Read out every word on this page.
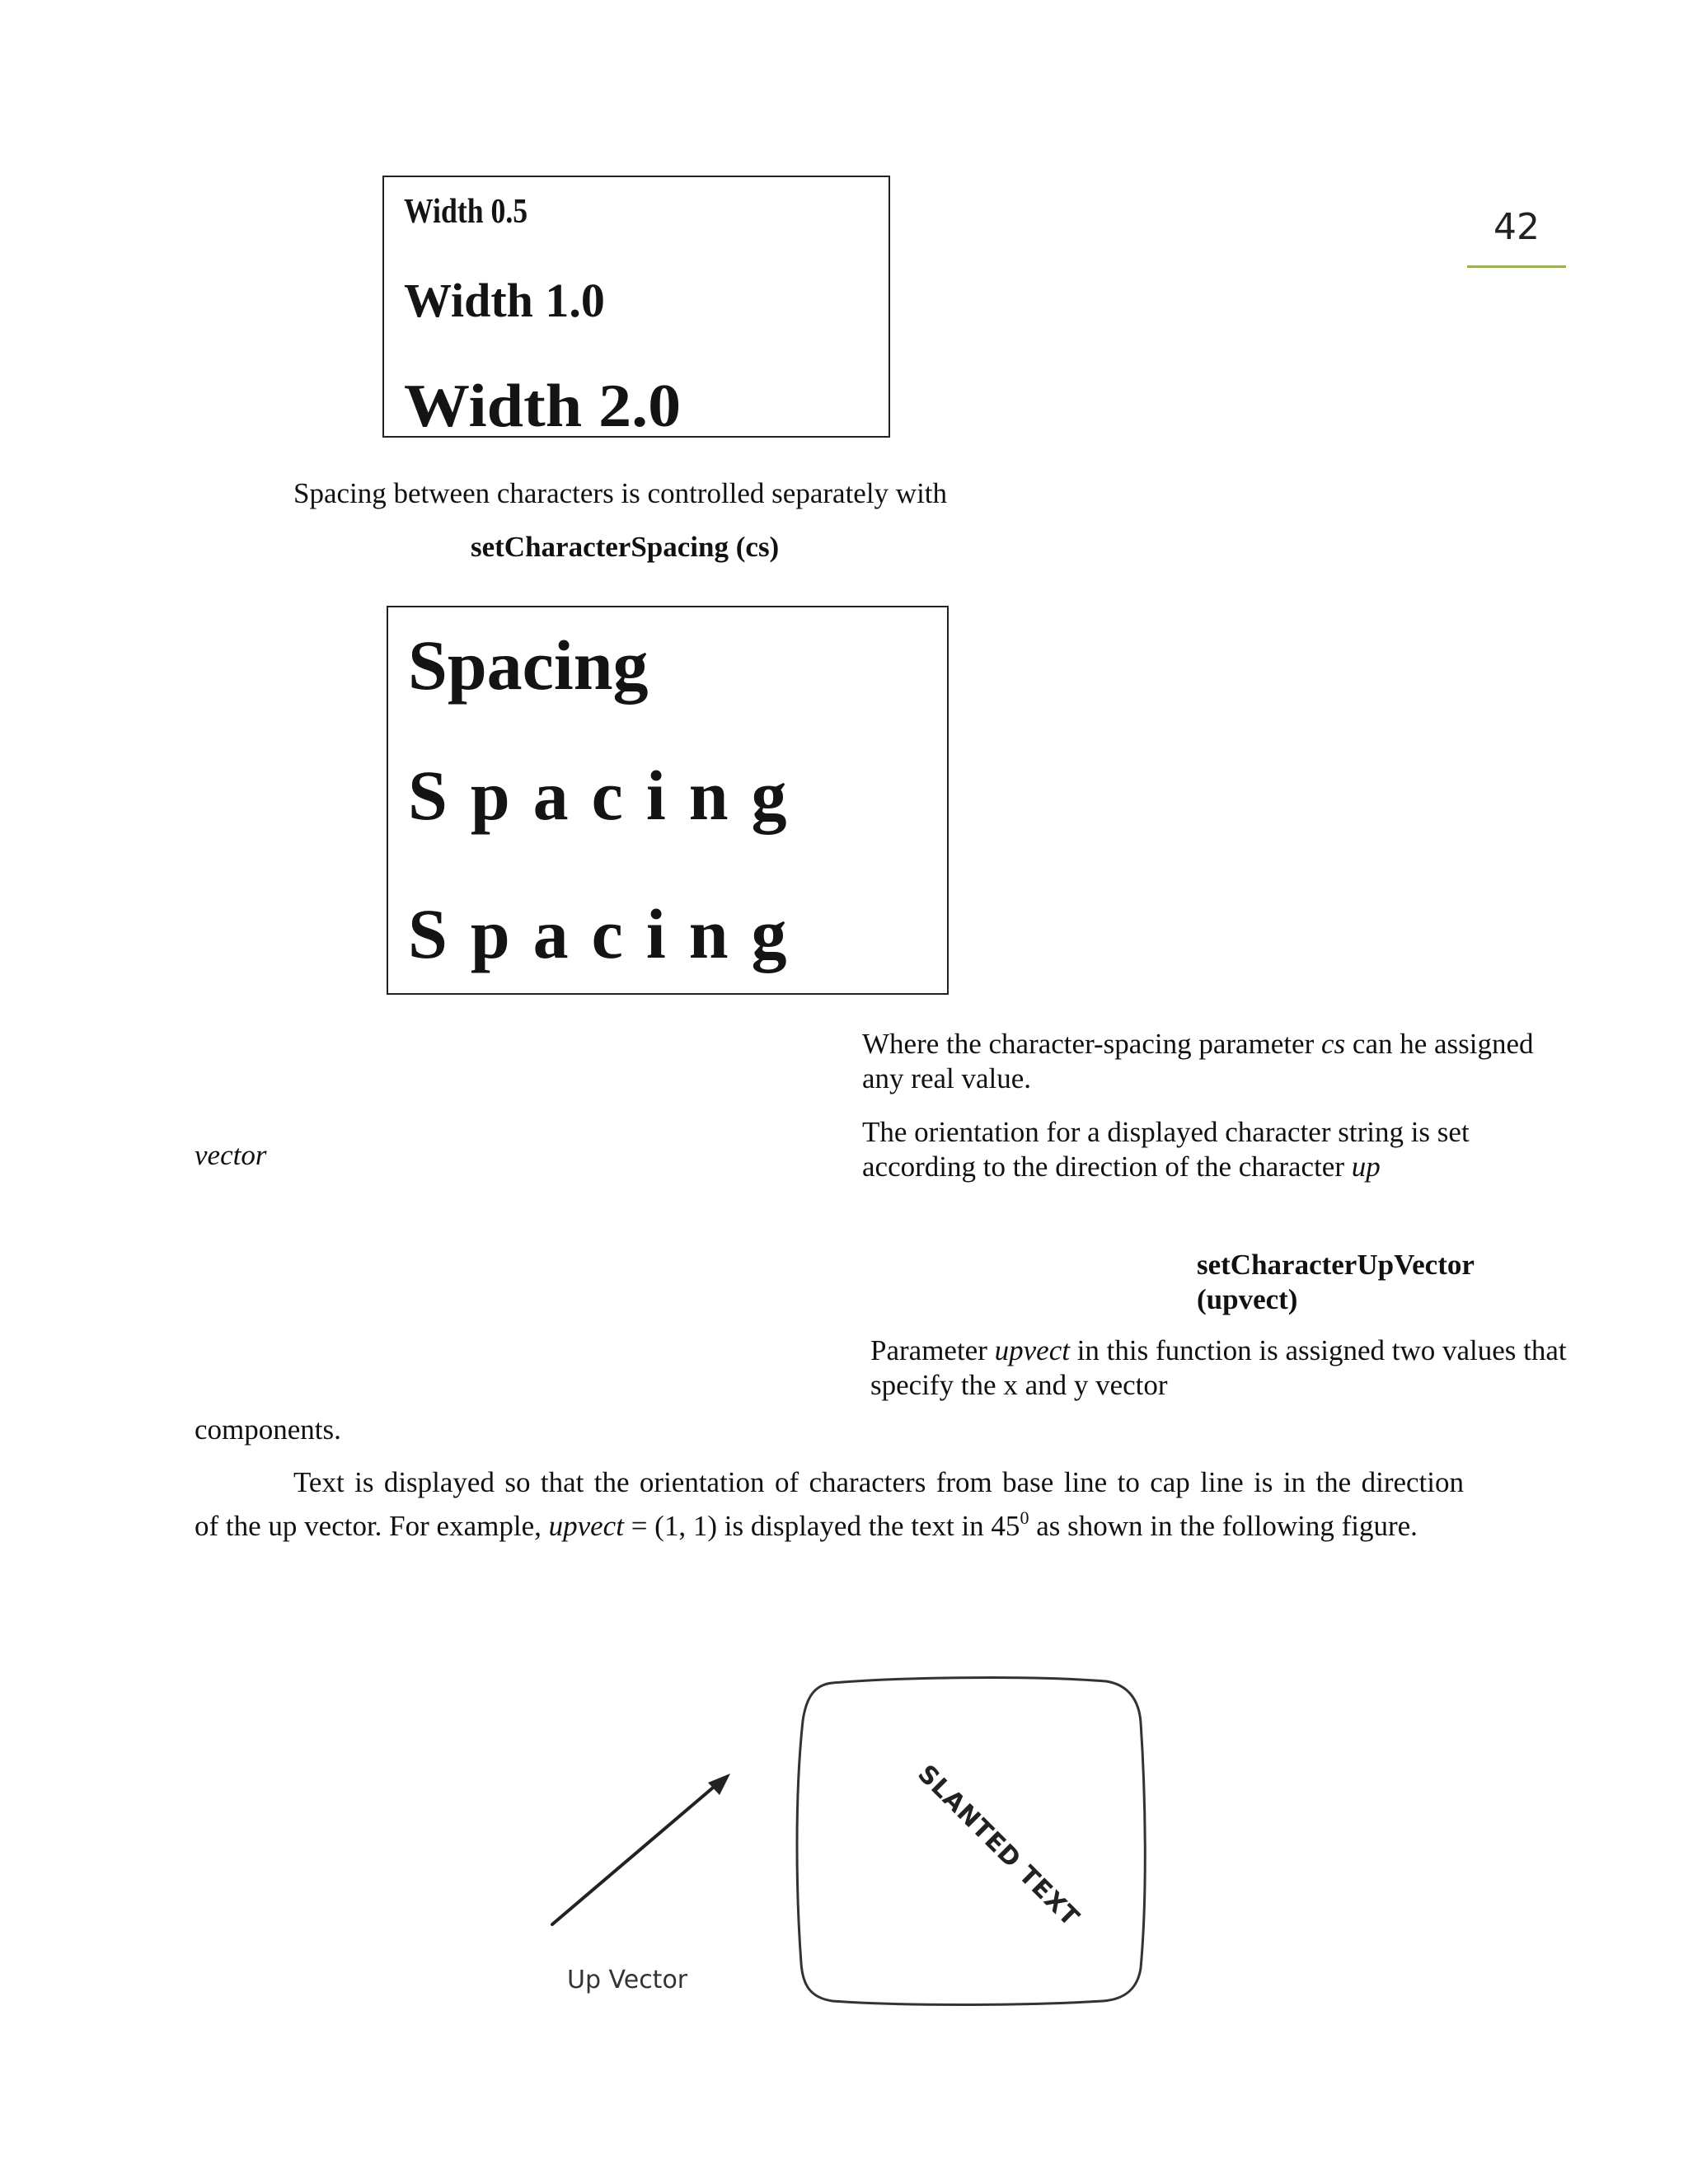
42
Width 0.5
Width 1.0
Width 2.0
Spacing between characters is controlled separately with
setCharacterSpacing (cs)
Spacing
Spacing
Spacing
Where the character-spacing parameter cs can he assigned any real value.
The orientation for a displayed character string is set according to the direction of the character up
vector
setCharacterUpVector
(upvect)
Parameter upvect in this function is assigned two values that specify the x and y vector
components.
Text is displayed so that the orientation of characters from base line to cap line is in the direction
of the up vector. For example, upvect = (1, 1) is displayed the text in $45^0$ as shown in the following figure.
SLANTED TEXT
Up Vector
